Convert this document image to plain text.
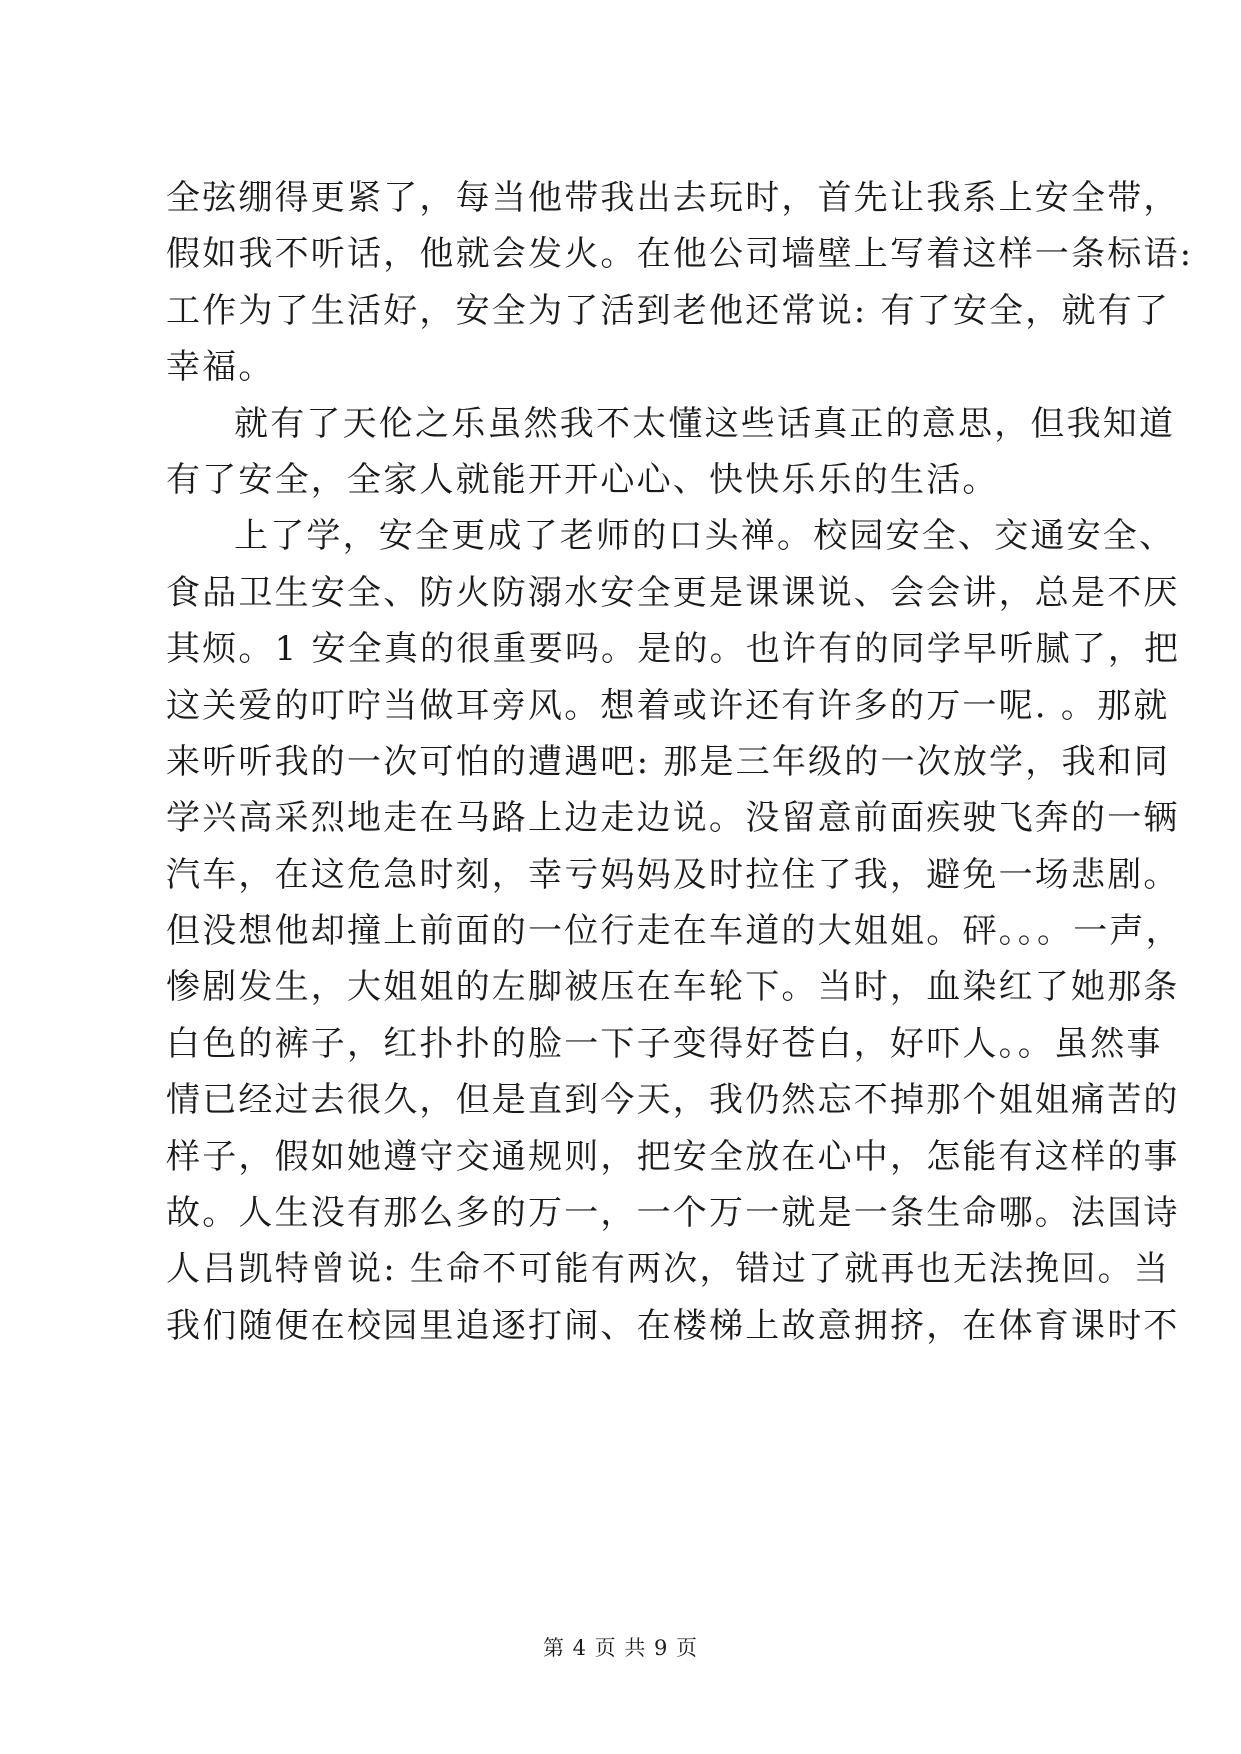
全弦绷得更紧了，每当他带我出去玩时，首先让我系上安全带，
假如我不听话，他就会发火。在他公司墙壁上写着这样一条标语:
工作为了生活好，安全为了活到老他还常说: 有了安全，就有了
幸福。
就有了天伦之乐虽然我不太懂这些话真正的意思，但我知道
有了安全，全家人就能开开心心、快快乐乐的生活。
上了学，安全更成了老师的口头禅。校园安全、交通安全、
食品卫生安全、防火防溺水安全更是课课说、会会讲，总是不厌
其烦。1 安全真的很重要吗。是的。也许有的同学早听腻了，把
这关爱的叮咛当做耳旁风。想着或许还有许多的万一呢. 。那就
来听听我的一次可怕的遭遇吧: 那是三年级的一次放学，我和同
学兴高采烈地走在马路上边走边说。没留意前面疾驶飞奔的一辆
汽车，在这危急时刻，幸亏妈妈及时拉住了我，避免一场悲剧。
但没想他却撞上前面的一位行走在车道的大姐姐。砰。。。一声，
惨剧发生，大姐姐的左脚被压在车轮下。当时，血染红了她那条
白色的裤子，红扑扑的脸一下子变得好苍白，好吓人。。虽然事
情已经过去很久，但是直到今天，我仍然忘不掉那个姐姐痛苦的
样子，假如她遵守交通规则，把安全放在心中，怎能有这样的事
故。人生没有那么多的万一，一个万一就是一条生命哪。法国诗
人吕凯特曾说: 生命不可能有两次，错过了就再也无法挽回。当
我们随便在校园里追逐打闹、在楼梯上故意拥挤，在体育课时不
第 4 页 共 9 页
